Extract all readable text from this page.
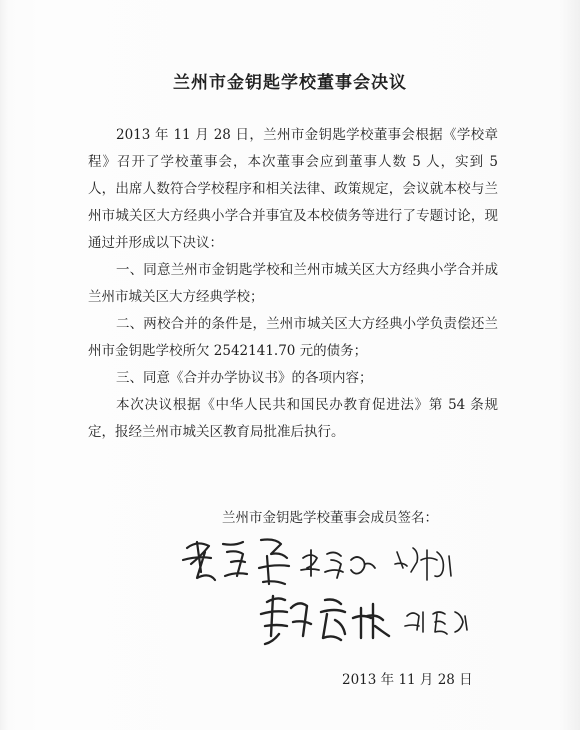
兰州市金钥匙学校董事会决议

2013 年 11 月 28 日，兰州市金钥匙学校董事会根据《学校章程》召开了学校董事会，本次董事会应到董事人数 5 人，实到 5 人，出席人数符合学校程序和相关法律、政策规定，会议就本校与兰州市城关区大方经典小学合并事宜及本校债务等进行了专题讨论，现通过并形成以下决议：

一、同意兰州市金钥匙学校和兰州市城关区大方经典小学合并成兰州市城关区大方经典学校；

二、两校合并的条件是，兰州市城关区大方经典小学负责偿还兰州市金钥匙学校所欠 2542141.70 元的债务；

三、同意《合并办学协议书》的各项内容；

本次决议根据《中华人民共和国民办教育促进法》第 54 条规定，报经兰州市城关区教育局批准后执行。

兰州市金钥匙学校董事会成员签名：
2013 年 11 月 28 日
